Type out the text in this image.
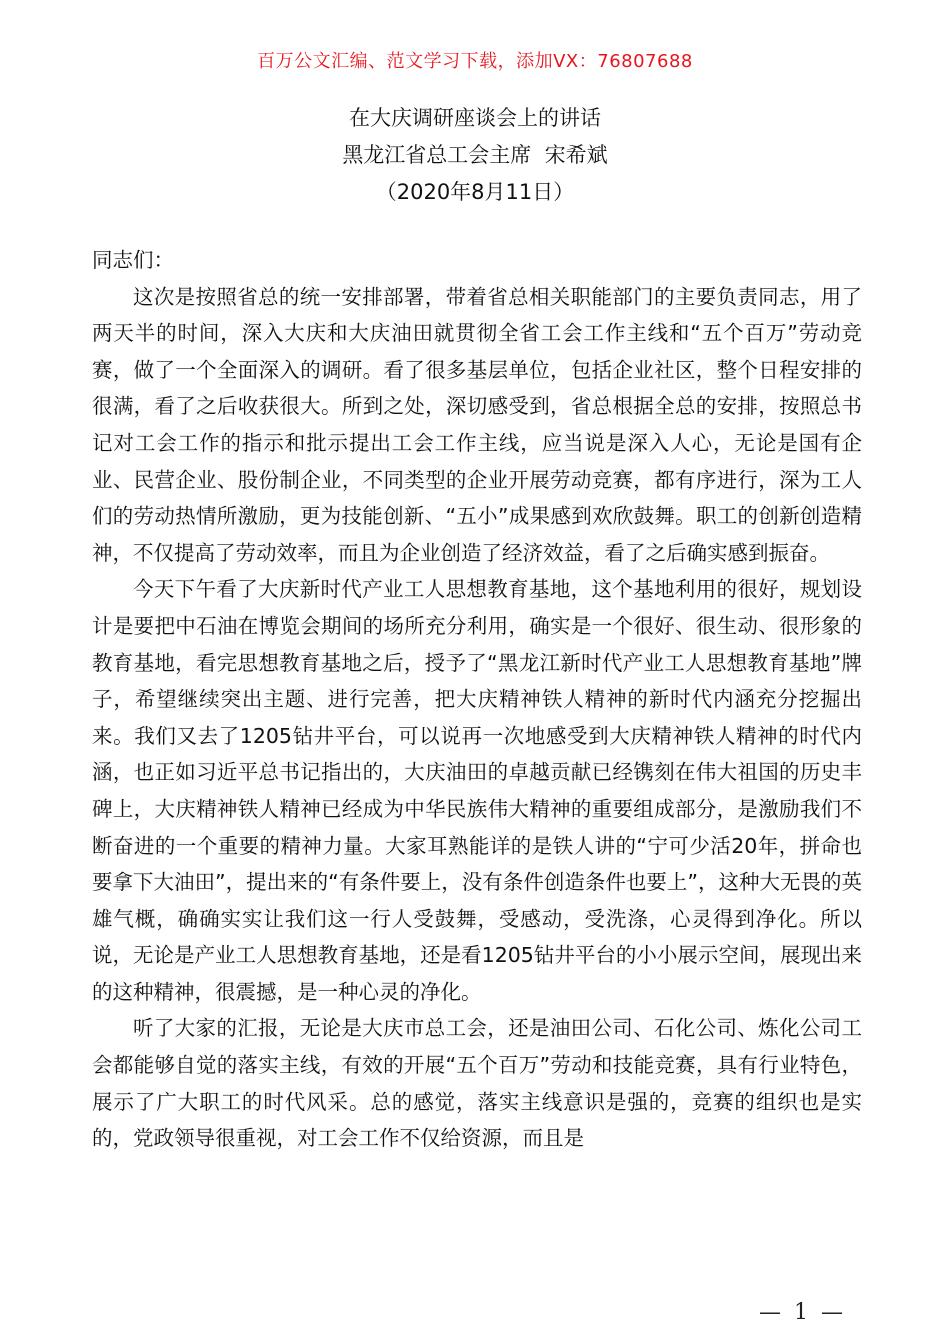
百万公文汇编、范文学习下载，添加VX：76807688
在大庆调研座谈会上的讲话
黑龙江省总工会主席  宋希斌
（2020年8月11日）

同志们：

这次是按照省总的统一安排部署，带着省总相关职能部门的主要负责同志，用了两天半的时间，深入大庆和大庆油田就贯彻全省工会工作主线和“五个百万”劳动竞赛，做了一个全面深入的调研。看了很多基层单位，包括企业社区，整个日程安排的很满，看了之后收获很大。所到之处，深切感受到，省总根据全总的安排，按照总书记对工会工作的指示和批示提出工会工作主线，应当说是深入人心，无论是国有企业、民营企业、股份制企业，不同类型的企业开展劳动竞赛，都有序进行，深为工人们的劳动热情所激励，更为技能创新、“五小”成果感到欢欣鼓舞。职工的创新创造精神，不仅提高了劳动效率，而且为企业创造了经济效益，看了之后确实感到振奋。

今天下午看了大庆新时代产业工人思想教育基地，这个基地利用的很好，规划设计是要把中石油在博览会期间的场所充分利用，确实是一个很好、很生动、很形象的教育基地，看完思想教育基地之后，授予了“黑龙江新时代产业工人思想教育基地”牌子，希望继续突出主题、进行完善，把大庆精神铁人精神的新时代内涵充分挖掘出来。我们又去了1205钻井平台，可以说再一次地感受到大庆精神铁人精神的时代内涵，也正如习近平总书记指出的，大庆油田的卓越贡献已经镌刻在伟大祖国的历史丰碑上，大庆精神铁人精神已经成为中华民族伟大精神的重要组成部分，是激励我们不断奋进的一个重要的精神力量。大家耳熟能详的是铁人讲的“宁可少活20年，拼命也要拿下大油田”，提出来的“有条件要上，没有条件创造条件也要上”，这种大无畏的英雄气概，确确实实让我们这一行人受鼓舞，受感动，受洗涤，心灵得到净化。所以说，无论是产业工人思想教育基地，还是看1205钻井平台的小小展示空间，展现出来的这种精神，很震撼，是一种心灵的净化。

听了大家的汇报，无论是大庆市总工会，还是油田公司、石化公司、炼化公司工会都能够自觉的落实主线，有效的开展“五个百万”劳动和技能竞赛，具有行业特色，展示了广大职工的时代风采。总的感觉，落实主线意识是强的，竞赛的组织也是实的，党政领导很重视，对工会工作不仅给资源，而且是

— 1 —
